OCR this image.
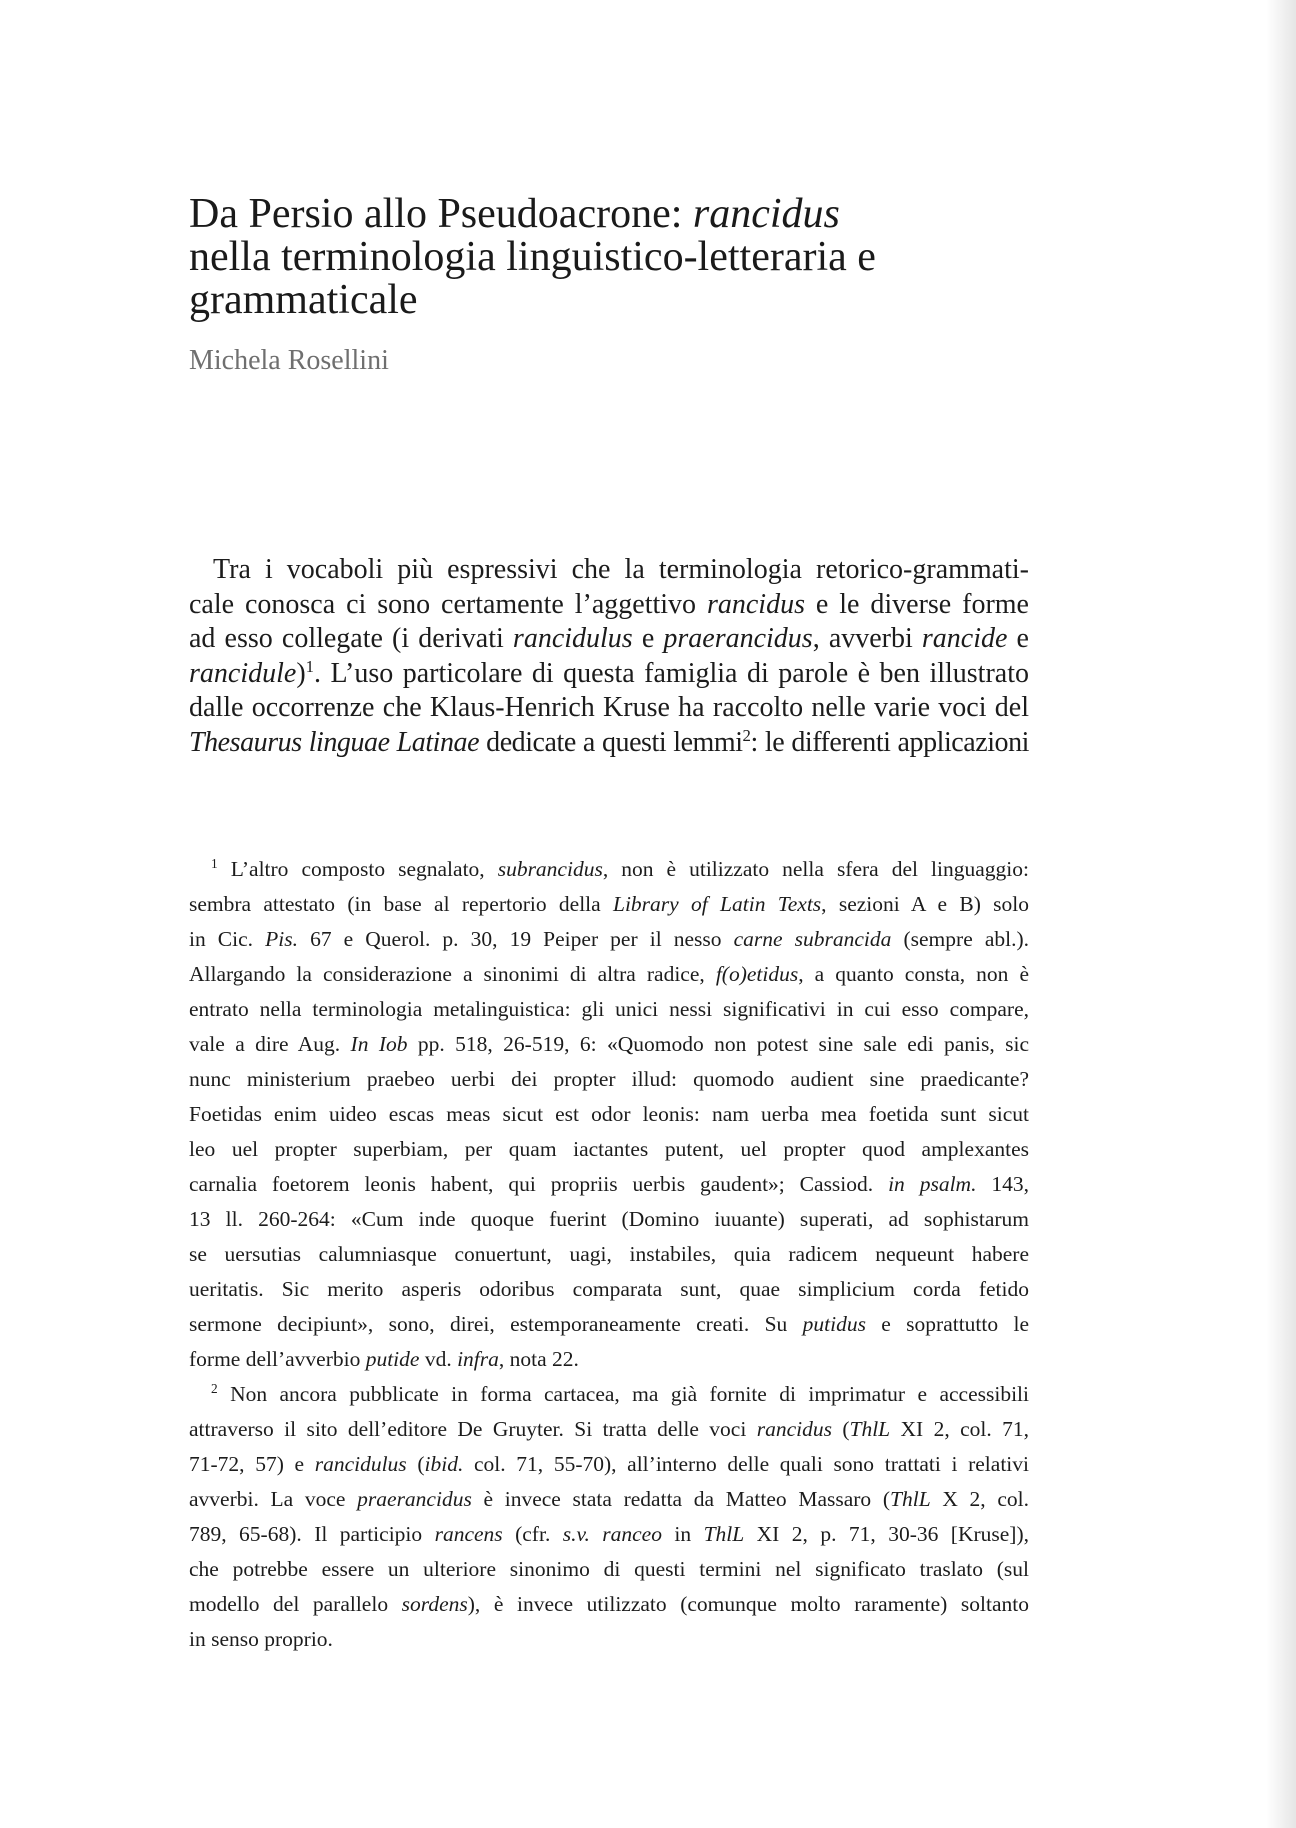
Da Persio allo Pseudoacrone: rancidus
nella terminologia linguistico-letteraria e
grammaticale
Michela Rosellini
Tra i vocaboli più espressivi che la terminologia retorico-grammati-
cale conosca ci sono certamente l’aggettivo rancidus e le diverse forme
ad esso collegate (i derivati rancidulus e praerancidus, avverbi rancide e
rancidule)$^1$. L’uso particolare di questa famiglia di parole è ben illustrato
dalle occorrenze che Klaus-Henrich Kruse ha raccolto nelle varie voci del
Thesaurus linguae Latinae dedicate a questi lemmi$^2$: le differenti applicazioni
$^1$ L’altro composto segnalato, subrancidus, non è utilizzato nella sfera del linguaggio:
sembra attestato (in base al repertorio della Library of Latin Texts, sezioni A e B) solo
in Cic. Pis. 67 e Querol. p. 30, 19 Peiper per il nesso carne subrancida (sempre abl.).
Allargando la considerazione a sinonimi di altra radice, f(o)etidus, a quanto consta, non è
entrato nella terminologia metalinguistica: gli unici nessi significativi in cui esso compare,
vale a dire Aug. In Iob pp. 518, 26-519, 6: «Quomodo non potest sine sale edi panis, sic
nunc ministerium praebeo uerbi dei propter illud: quomodo audient sine praedicante?
Foetidas enim uideo escas meas sicut est odor leonis: nam uerba mea foetida sunt sicut
leo uel propter superbiam, per quam iactantes putent, uel propter quod amplexantes
carnalia foetorem leonis habent, qui propriis uerbis gaudent»; Cassiod. in psalm. 143,
13 ll. 260-264: «Cum inde quoque fuerint (Domino iuuante) superati, ad sophistarum
se uersutias calumniasque conuertunt, uagi, instabiles, quia radicem nequeunt habere
ueritatis. Sic merito asperis odoribus comparata sunt, quae simplicium corda fetido
sermone decipiunt», sono, direi, estemporaneamente creati. Su putidus e soprattutto le
forme dell’avverbio putide vd. infra, nota 22.
$^2$ Non ancora pubblicate in forma cartacea, ma già fornite di imprimatur e accessibili
attraverso il sito dell’editore De Gruyter. Si tratta delle voci rancidus (ThlL XI 2, col. 71,
71-72, 57) e rancidulus (ibid. col. 71, 55-70), all’interno delle quali sono trattati i relativi
avverbi. La voce praerancidus è invece stata redatta da Matteo Massaro (ThlL X 2, col.
789, 65-68). Il participio rancens (cfr. s.v. ranceo in ThlL XI 2, p. 71, 30-36 [Kruse]),
che potrebbe essere un ulteriore sinonimo di questi termini nel significato traslato (sul
modello del parallelo sordens), è invece utilizzato (comunque molto raramente) soltanto
in senso proprio.
